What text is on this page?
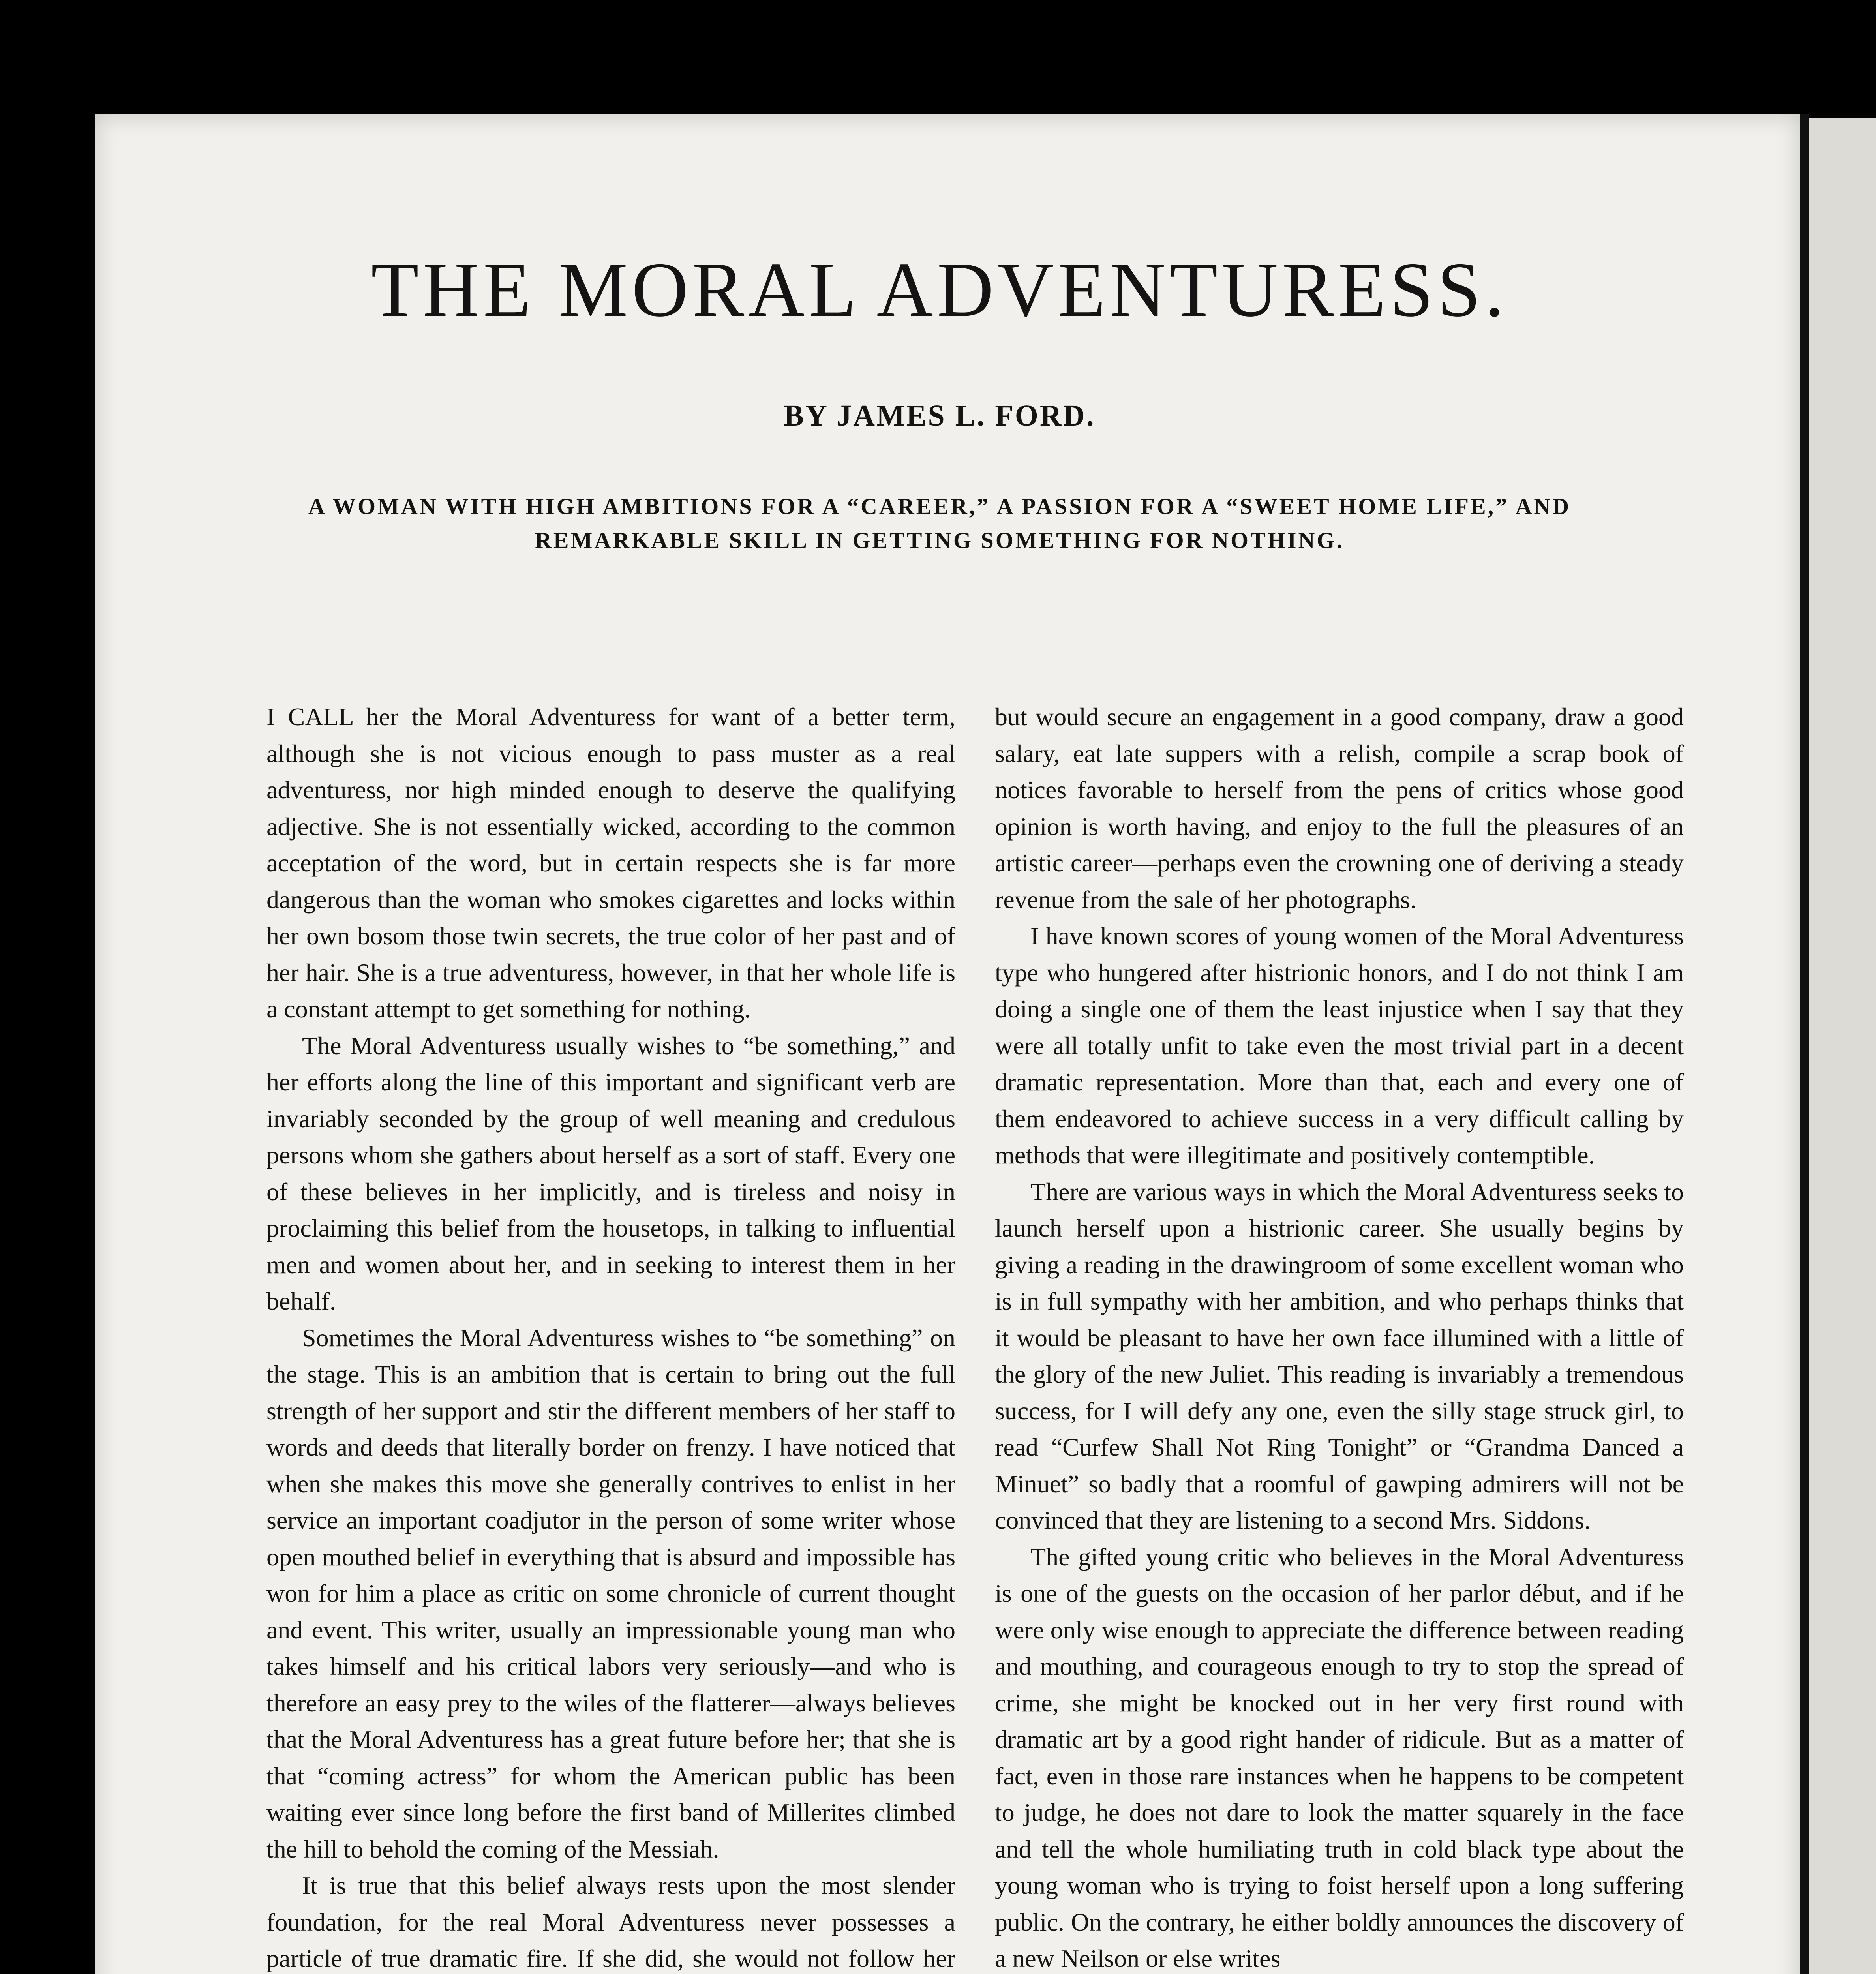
THE MORAL ADVENTURESS.
BY JAMES L. FORD.
A WOMAN WITH HIGH AMBITIONS FOR A “CAREER,” A PASSION FOR A “SWEET HOME LIFE,” AND REMARKABLE SKILL IN GETTING SOMETHING FOR NOTHING.

I CALL her the Moral Adventuress for want of a better term, although she is not vicious enough to pass muster as a real adventuress, nor high minded enough to deserve the qualifying adjective. She is not essentially wicked, according to the common acceptation of the word, but in certain respects she is far more dangerous than the woman who smokes cigarettes and locks within her own bosom those twin secrets, the true color of her past and of her hair. She is a true adventuress, however, in that her whole life is a constant attempt to get something for nothing.

The Moral Adventuress usually wishes to “be something,” and her efforts along the line of this important and significant verb are invariably seconded by the group of well meaning and credulous persons whom she gathers about herself as a sort of staff. Every one of these believes in her implicitly, and is tireless and noisy in proclaiming this belief from the housetops, in talking to influential men and women about her, and in seeking to interest them in her behalf.

Sometimes the Moral Adventuress wishes to “be something” on the stage. This is an ambition that is certain to bring out the full strength of her support and stir the different members of her staff to words and deeds that literally border on frenzy. I have noticed that when she makes this move she generally contrives to enlist in her service an important coadjutor in the person of some writer whose open mouthed belief in everything that is absurd and impossible has won for him a place as critic on some chronicle of current thought and event. This writer, usually an impressionable young man who takes himself and his critical labors very seriously—and who is therefore an easy prey to the wiles of the flatterer—always believes that the Moral Adventuress has a great future before her; that she is that “coming actress” for whom the American public has been waiting ever since long before the first band of Millerites climbed the hill to behold the coming of the Messiah.

It is true that this belief always rests upon the most slender foundation, for the real Moral Adventuress never possesses a particle of true dramatic fire. If she did, she would not follow her

but would secure an engagement in a good company, draw a good salary, eat late suppers with a relish, compile a scrap book of notices favorable to herself from the pens of critics whose good opinion is worth having, and enjoy to the full the pleasures of an artistic career—perhaps even the crowning one of deriving a steady revenue from the sale of her photographs.

I have known scores of young women of the Moral Adventuress type who hungered after histrionic honors, and I do not think I am doing a single one of them the least injustice when I say that they were all totally unfit to take even the most trivial part in a decent dramatic representation. More than that, each and every one of them endeavored to achieve success in a very difficult calling by methods that were illegitimate and positively contemptible.

There are various ways in which the Moral Adventuress seeks to launch herself upon a histrionic career. She usually begins by giving a reading in the drawingroom of some excellent woman who is in full sympathy with her ambition, and who perhaps thinks that it would be pleasant to have her own face illumined with a little of the glory of the new Juliet. This reading is invariably a tremendous success, for I will defy any one, even the silly stage struck girl, to read “Curfew Shall Not Ring Tonight” or “Grandma Danced a Minuet” so badly that a roomful of gawping admirers will not be convinced that they are listening to a second Mrs. Siddons.

The gifted young critic who believes in the Moral Adventuress is one of the guests on the occasion of her parlor début, and if he were only wise enough to appreciate the difference between reading and mouthing, and courageous enough to try to stop the spread of crime, she might be knocked out in her very first round with dramatic art by a good right hander of ridicule. But as a matter of fact, even in those rare instances when he happens to be competent to judge, he does not dare to look the matter squarely in the face and tell the whole humiliating truth in cold black type about the young woman who is trying to foist herself upon a long suffering public. On the contrary, he either boldly announces the discovery of a new Neilson or else writes
